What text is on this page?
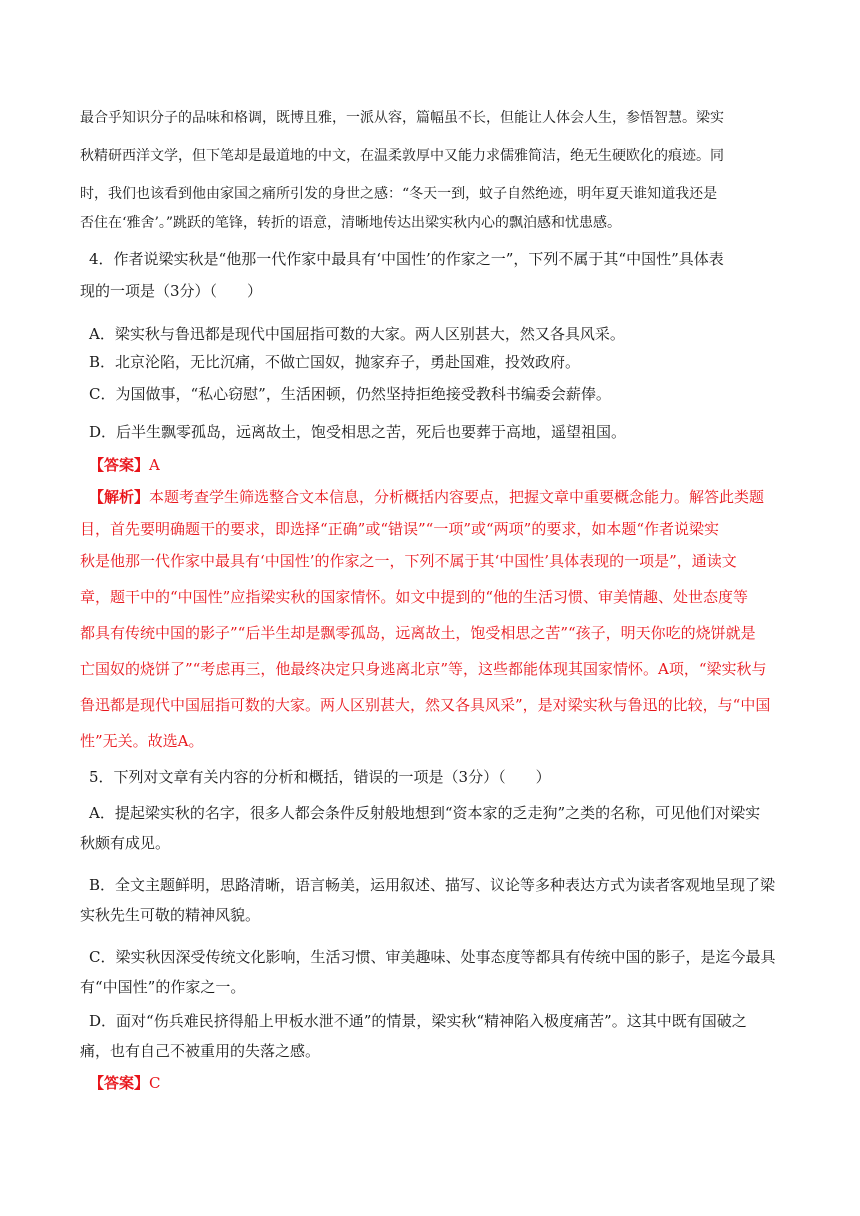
最合乎知识分子的品味和格调，既博且雅，一派从容，篇幅虽不长，但能让人体会人生，参悟智慧。梁实
秋精研西洋文学，但下笔却是最道地的中文，在温柔敦厚中又能力求儒雅简洁，绝无生硬欧化的痕迹。同
时，我们也该看到他由家国之痛所引发的身世之感：“冬天一到，蚊子自然绝迹，明年夏天谁知道我还是
否住在‘雅舍’。”跳跃的笔锋，转折的语意，清晰地传达出梁实秋内心的飘泊感和忧患感。
4．作者说梁实秋是“他那一代作家中最具有‘中国性’的作家之一”，下列不属于其“中国性”具体表
现的一项是（3分）（　　）
A．梁实秋与鲁迅都是现代中国屈指可数的大家。两人区别甚大，然又各具风采。
B．北京沦陷，无比沉痛，不做亡国奴，抛家弃子，勇赴国难，投效政府。
C．为国做事，“私心窃慰”，生活困顿，仍然坚持拒绝接受教科书编委会薪俸。
D．后半生飘零孤岛，远离故土，饱受相思之苦，死后也要葬于高地，遥望祖国。
【答案】A
【解析】本题考查学生筛选整合文本信息，分析概括内容要点，把握文章中重要概念能力。解答此类题
目，首先要明确题干的要求，即选择“正确”或“错误”“一项”或“两项”的要求，如本题“作者说梁实
秋是他那一代作家中最具有‘中国性’的作家之一，下列不属于其‘中国性’具体表现的一项是”，通读文
章，题干中的“中国性”应指梁实秋的国家情怀。如文中提到的“他的生活习惯、审美情趣、处世态度等
都具有传统中国的影子”“后半生却是飘零孤岛，远离故土，饱受相思之苦”“孩子，明天你吃的烧饼就是
亡国奴的烧饼了”“考虑再三，他最终决定只身逃离北京”等，这些都能体现其国家情怀。A项，“梁实秋与
鲁迅都是现代中国屈指可数的大家。两人区别甚大，然又各具风采”，是对梁实秋与鲁迅的比较，与“中国
性”无关。故选A。
5．下列对文章有关内容的分析和概括，错误的一项是（3分）（　　）
A．提起梁实秋的名字，很多人都会条件反射般地想到“资本家的乏走狗”之类的名称，可见他们对梁实
秋颇有成见。
B．全文主题鲜明，思路清晰，语言畅美，运用叙述、描写、议论等多种表达方式为读者客观地呈现了梁
实秋先生可敬的精神风貌。
C．梁实秋因深受传统文化影响，生活习惯、审美趣味、处事态度等都具有传统中国的影子，是迄今最具
有“中国性”的作家之一。
D．面对“伤兵难民挤得船上甲板水泄不通”的情景，梁实秋“精神陷入极度痛苦”。这其中既有国破之
痛，也有自己不被重用的失落之感。
【答案】C
